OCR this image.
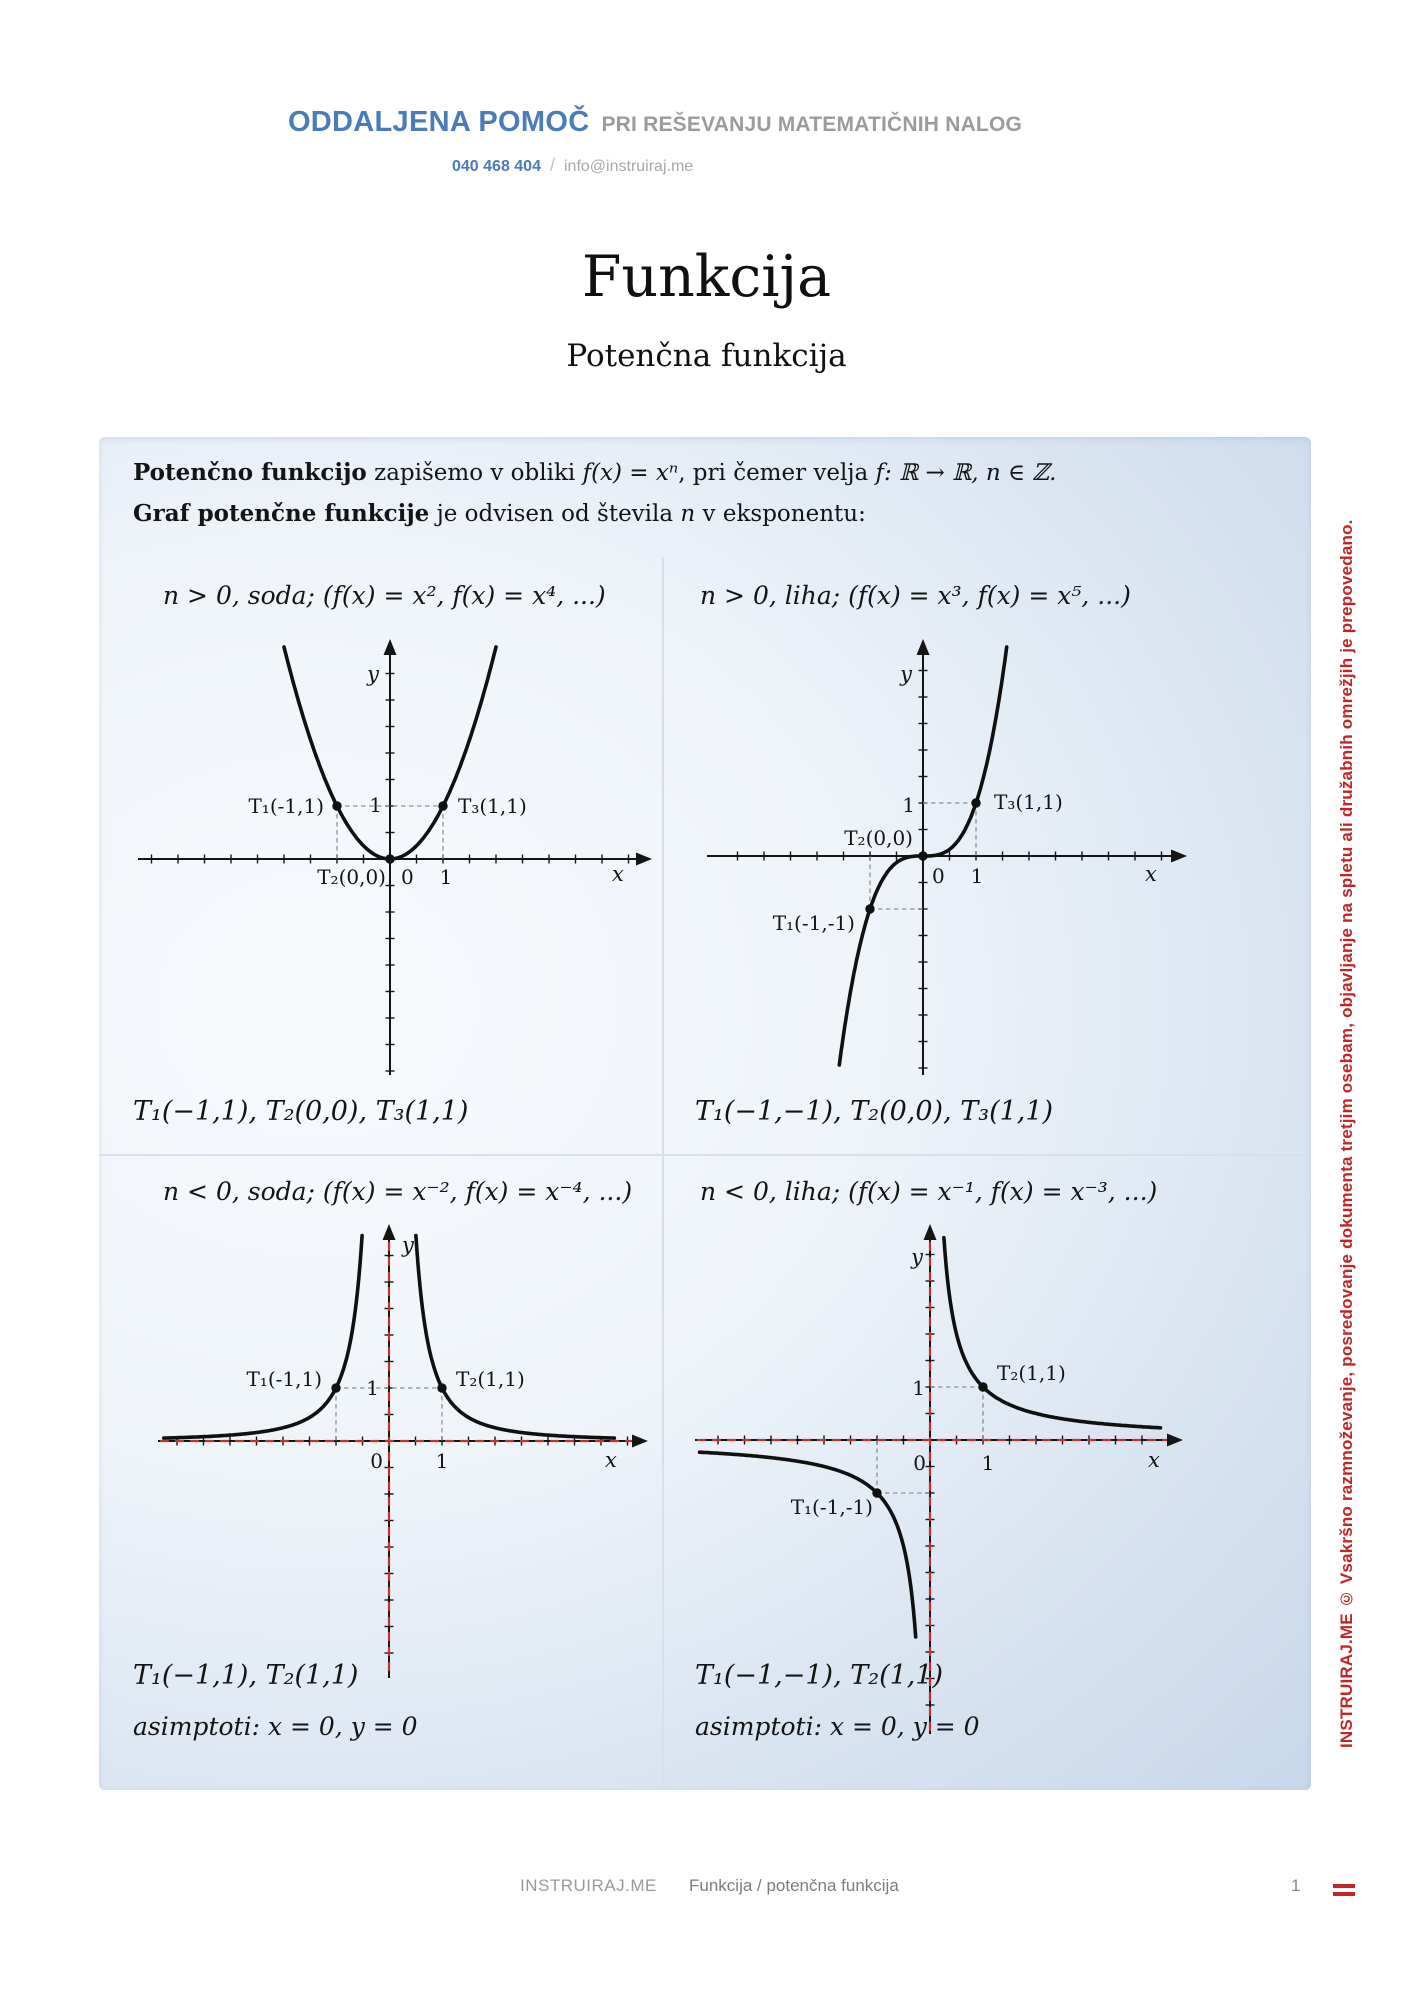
ODDALJENA POMOČ PRI REŠEVANJU MATEMATIČNIH NALOG
040 468 404 / info@instruiraj.me
Funkcija
Potenčna funkcija
Potenčno funkcijo zapišemo v obliki f(x) = xⁿ, pri čemer velja f: ℝ → ℝ, n ∈ ℤ.
Graf potenčne funkcije je odvisen od števila n v eksponentu:
n > 0, soda; (f(x) = x², f(x) = x⁴, ...)	n > 0, liha; (f(x) = x³, f(x) = x⁵, ...)
n < 0, soda; (f(x) = x⁻², f(x) = x⁻⁴, ...)	n < 0, liha; (f(x) = x⁻¹, f(x) = x⁻³, ...)
T₁(-1,1)
T₂(0,0)
T₃(1,1)
1
0 1	x
y
T₁(-1,-1)
T₂(0,0)
T₃(1,1)
1
0 1	x
y
T₁(-1,1)	T₂(1,1)
1
0	1	x
y
T₁(-1,-1)
T₂(1,1)
1
0	1	x
y
T₁(−1,1), T₂(0,0), T₃(1,1)	T₁(−1,−1), T₂(0,0), T₃(1,1)
T₁(−1,1), T₂(1,1)
asimptoti: x = 0, y = 0
T₁(−1,−1), T₂(1,1)
asimptoti: x = 0, y = 0	INSTRUIRAJ.ME © Vsakršno razmnoževanje, posredovanje dokumenta tretjim osebam, objavljanje na spletu ali družabnih omrežjih je prepovedano.
INSTRUIRAJ.ME Funkcija / potenčna funkcija	1
